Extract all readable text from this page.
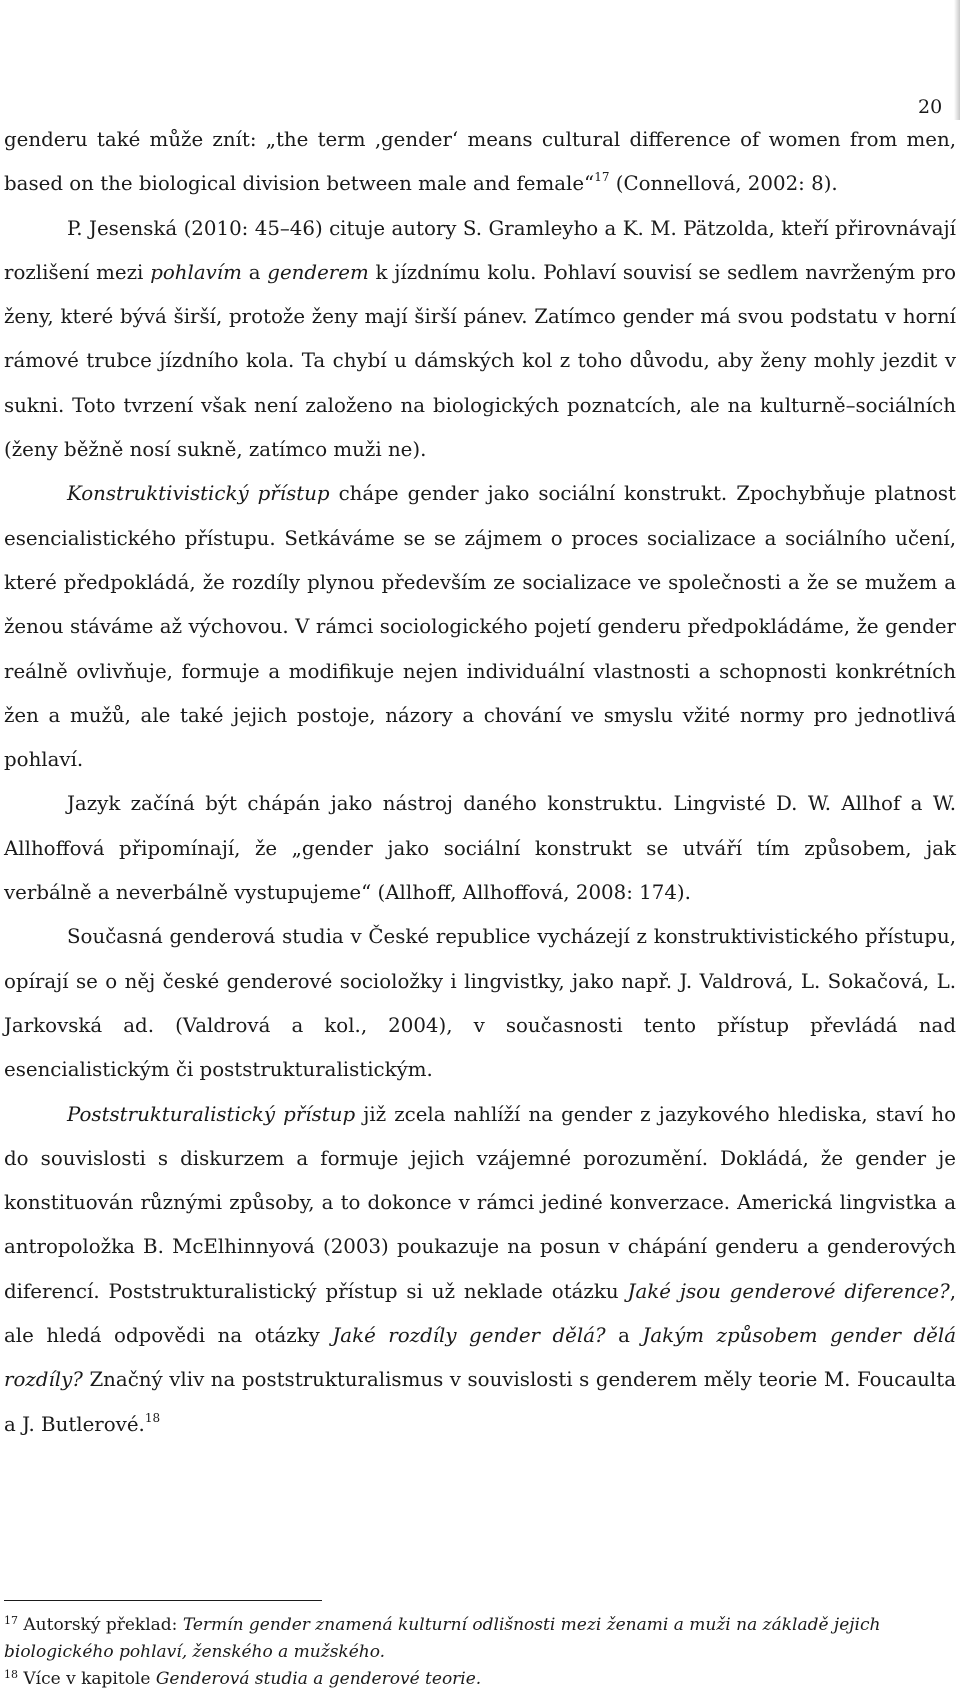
20

genderu také může znít: „the term ‚gender‘ means cultural difference of women from men, based on the biological division between male and female“$^{17}$ (Connellová, 2002: 8).

P. Jesenská (2010: 45–46) cituje autory S. Gramleyho a K. M. Pätzolda, kteří přirovnávají rozlišení mezi pohlavím a genderem k jízdnímu kolu. Pohlaví souvisí se sedlem navrženým pro ženy, které bývá širší, protože ženy mají širší pánev. Zatímco gender má svou podstatu v horní rámové trubce jízdního kola. Ta chybí u dámských kol z toho důvodu, aby ženy mohly jezdit v sukni. Toto tvrzení však není založeno na biologických poznatcích, ale na kulturně–sociálních (ženy běžně nosí sukně, zatímco muži ne).

Konstruktivistický přístup chápe gender jako sociální konstrukt. Zpochybňuje platnost esencialistického přístupu. Setkáváme se se zájmem o proces socializace a sociálního učení, které předpokládá, že rozdíly plynou především ze socializace ve společnosti a že se mužem a ženou stáváme až výchovou. V rámci sociologického pojetí genderu předpokládáme, že gender reálně ovlivňuje, formuje a modifikuje nejen individuální vlastnosti a schopnosti konkrétních žen a mužů, ale také jejich postoje, názory a chování ve smyslu vžité normy pro jednotlivá pohlaví.

Jazyk začíná být chápán jako nástroj daného konstruktu. Lingvisté D. W. Allhof a W. Allhoffová připomínají, že „gender jako sociální konstrukt se utváří tím způsobem, jak verbálně a neverbálně vystupujeme“ (Allhoff, Allhoffová, 2008: 174).

Současná genderová studia v České republice vycházejí z konstruktivistického přístupu, opírají se o něj české genderové socioložky i lingvistky, jako např. J. Valdrová, L. Sokačová, L. Jarkovská ad. (Valdrová a kol., 2004), v současnosti tento přístup převládá nad esencialistickým či poststrukturalistickým.

Poststrukturalistický přístup již zcela nahlíží na gender z jazykového hlediska, staví ho do souvislosti s diskurzem a formuje jejich vzájemné porozumění. Dokládá, že gender je konstituován různými způsoby, a to dokonce v rámci jediné konverzace. Americká lingvistka a antropoložka B. McElhinnyová (2003) poukazuje na posun v chápání genderu a genderových diferencí. Poststrukturalistický přístup si už neklade otázku Jaké jsou genderové diference?, ale hledá odpovědi na otázky Jaké rozdíly gender dělá? a Jakým způsobem gender dělá rozdíly? Značný vliv na poststrukturalismus v souvislosti s genderem měly teorie M. Foucaulta a J. Butlerové.$^{18}$

$^{17}$ Autorský překlad: Termín gender znamená kulturní odlišnosti mezi ženami a muži na základě jejich biologického pohlaví, ženského a mužského.

$^{18}$ Více v kapitole Genderová studia a genderové teorie.
